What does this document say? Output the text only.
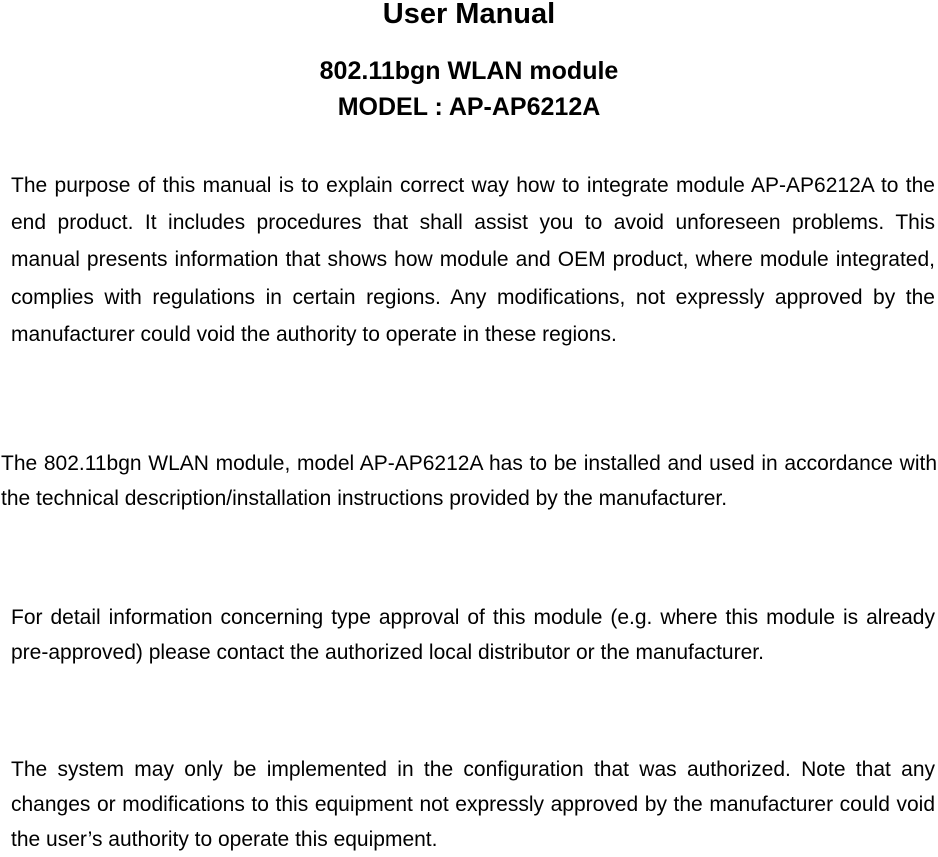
User Manual
802.11bgn WLAN module
MODEL : AP-AP6212A

The purpose of this manual is to explain correct way how to integrate module AP-AP6212A to the end product. It includes procedures that shall assist you to avoid unforeseen problems. This manual presents information that shows how module and OEM product, where module integrated, complies with regulations in certain regions. Any modifications, not expressly approved by the manufacturer could void the authority to operate in these regions.

The 802.11bgn WLAN module, model AP-AP6212A has to be installed and used in accordance with the technical description/installation instructions provided by the manufacturer.

For detail information concerning type approval of this module (e.g. where this module is already pre-approved) please contact the authorized local distributor or the manufacturer.

The system may only be implemented in the configuration that was authorized. Note that any changes or modifications to this equipment not expressly approved by the manufacturer could void the user’s authority to operate this equipment.
